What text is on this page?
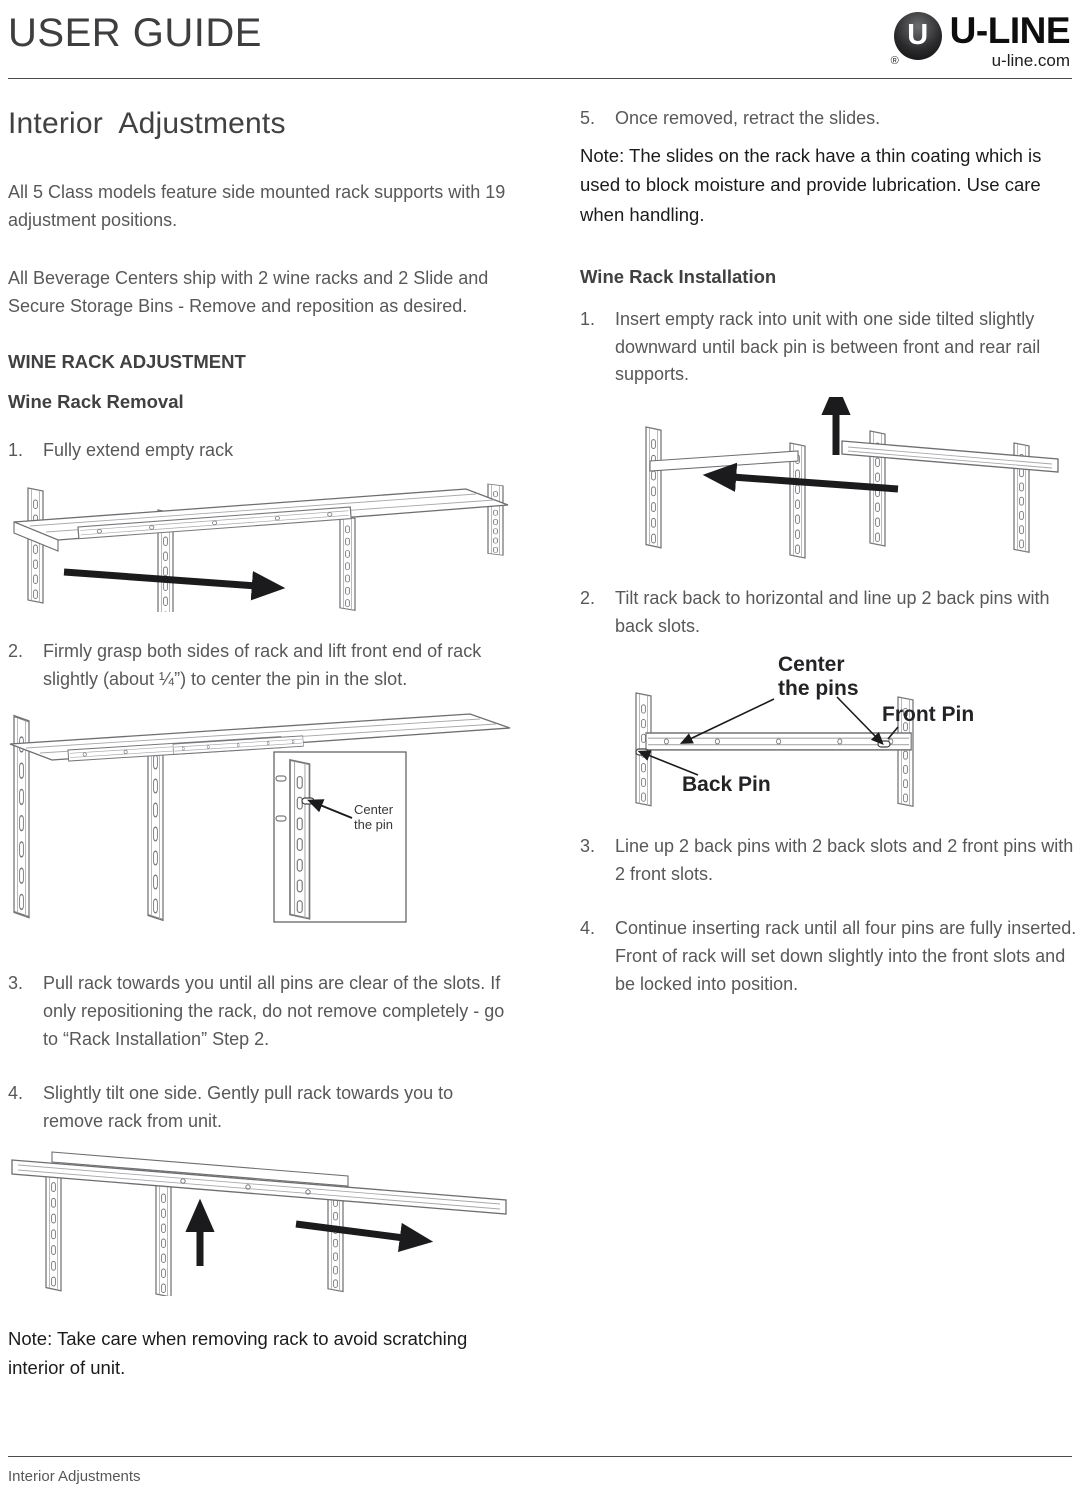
USER GUIDE	U
®
U-LINE
u-line.com
Interior  Adjustments

All 5 Class models feature side mounted rack supports with 19 adjustment positions.

All Beverage Centers ship with 2 wine racks and 2 Slide and Secure Storage Bins - Remove and reposition as desired.

WINE RACK ADJUSTMENT
Wine Rack Removal
1.	Fully extend empty rack
2.	Firmly grasp both sides of rack and lift front end of rack slightly (about ¼”) to center the pin in the slot.
Center
the pin
3.	Pull rack towards you until all pins are clear of the slots. If only repositioning the rack, do not remove completely - go to “Rack Installation” Step 2.
4.	Slightly tilt one side. Gently pull rack towards you to remove rack from unit.

Note: Take care when removing rack to avoid scratching interior of unit.

5.	Once removed, retract the slides.

Note: The slides on the rack have a thin coating which is used to block moisture and provide lubrication. Use care when handling.

Wine Rack Installation
1.	Insert empty rack into unit with one side tilted slightly downward until back pin is between front and rear rail supports.
2.	Tilt rack back to horizontal and line up 2 back pins with back slots.
Center
the pins
Front Pin
Back Pin
3.	Line up 2 back pins with 2 back slots and 2 front pins with 2 front slots.
4.	Continue inserting rack until all four pins are fully inserted. Front of rack will set down slightly into the front slots and be locked into position.
Interior Adjustments
